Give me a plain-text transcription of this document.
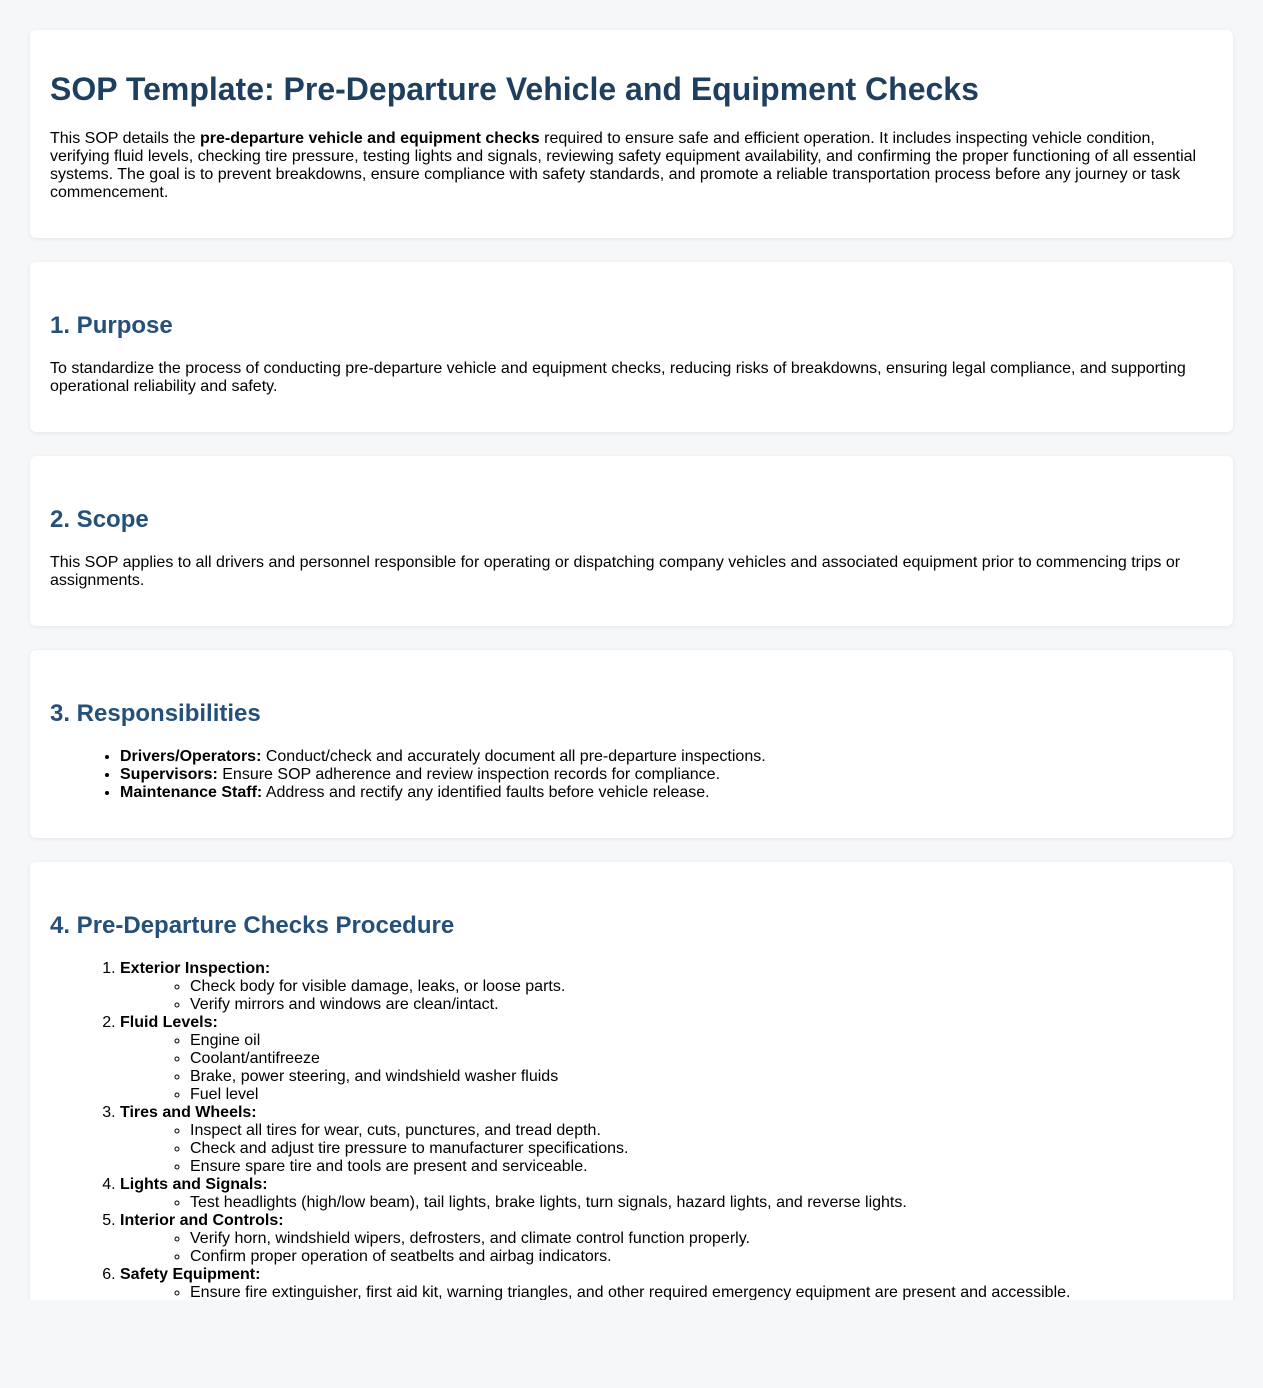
SOP Template: Pre-Departure Vehicle and Equipment Checks

This SOP details the pre-departure vehicle and equipment checks required to ensure safe and efficient operation. It includes inspecting vehicle condition, verifying fluid levels, checking tire pressure, testing lights and signals, reviewing safety equipment availability, and confirming the proper functioning of all essential systems. The goal is to prevent breakdowns, ensure compliance with safety standards, and promote a reliable transportation process before any journey or task commencement.

1. Purpose

To standardize the process of conducting pre-departure vehicle and equipment checks, reducing risks of breakdowns, ensuring legal compliance, and supporting operational reliability and safety.

2. Scope

This SOP applies to all drivers and personnel responsible for operating or dispatching company vehicles and associated equipment prior to commencing trips or assignments.

3. Responsibilities
• Drivers/Operators: Conduct/check and accurately document all pre-departure inspections.
• Supervisors: Ensure SOP adherence and review inspection records for compliance.
• Maintenance Staff: Address and rectify any identified faults before vehicle release.
4. Pre-Departure Checks Procedure
1. Exterior Inspection:
◦ Check body for visible damage, leaks, or loose parts.
◦ Verify mirrors and windows are clean/intact.
2. Fluid Levels:
◦ Engine oil
◦ Coolant/antifreeze
◦ Brake, power steering, and windshield washer fluids
◦ Fuel level
3. Tires and Wheels:
◦ Inspect all tires for wear, cuts, punctures, and tread depth.
◦ Check and adjust tire pressure to manufacturer specifications.
◦ Ensure spare tire and tools are present and serviceable.
4. Lights and Signals:
◦ Test headlights (high/low beam), tail lights, brake lights, turn signals, hazard lights, and reverse lights.
5. Interior and Controls:
◦ Verify horn, windshield wipers, defrosters, and climate control function properly.
◦ Confirm proper operation of seatbelts and airbag indicators.
6. Safety Equipment:
◦ Ensure fire extinguisher, first aid kit, warning triangles, and other required emergency equipment are present and accessible.
